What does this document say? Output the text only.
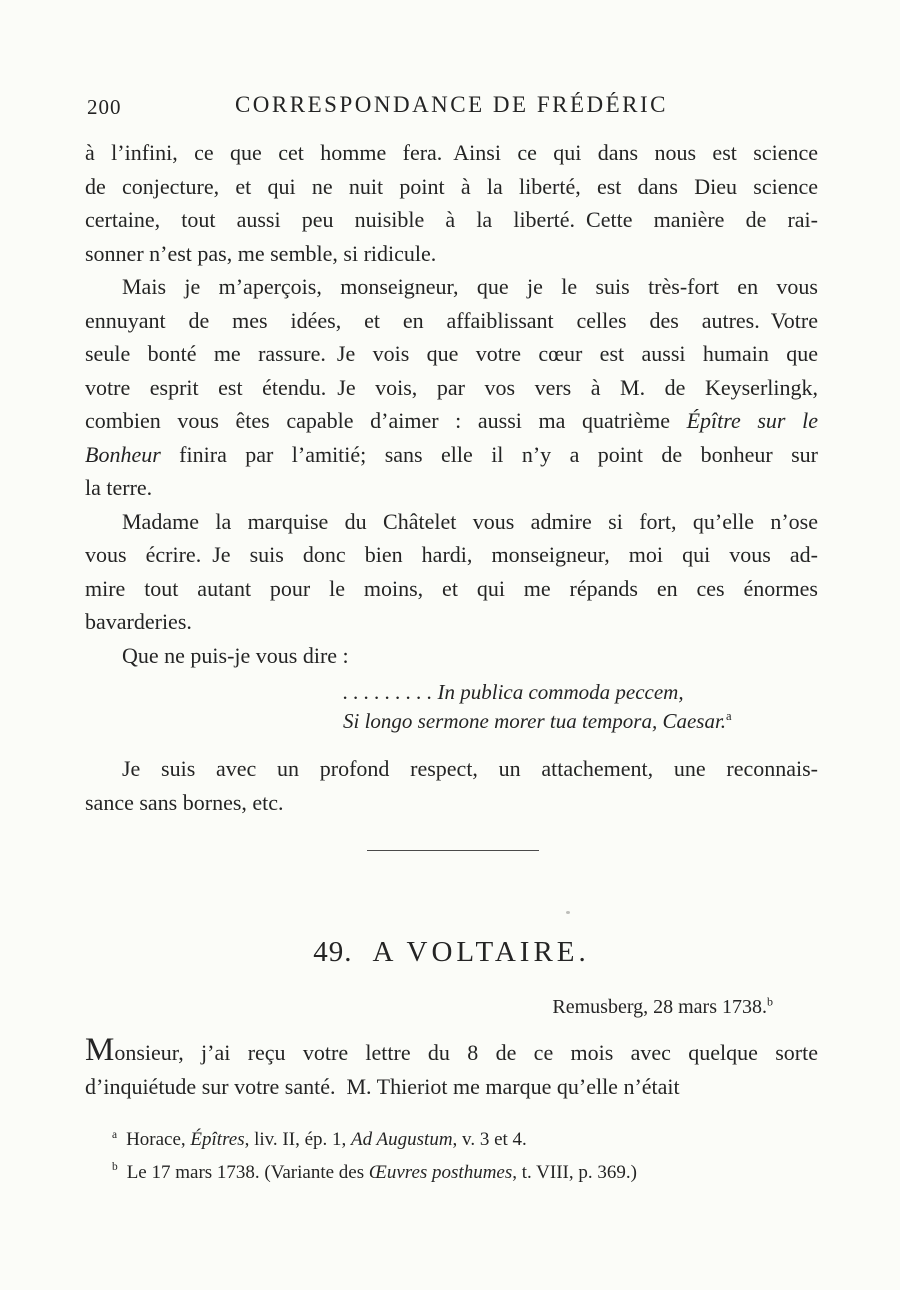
200	CORRESPONDANCE DE FRÉDÉRIC
à l’infini, ce que cet homme fera. Ainsi ce qui dans nous est science
de conjecture, et qui ne nuit point à la liberté, est dans Dieu science
certaine, tout aussi peu nuisible à la liberté. Cette manière de rai-
sonner n’est pas, me semble, si ridicule.
Mais je m’aperçois, monseigneur, que je le suis très-fort en vous
ennuyant de mes idées, et en affaiblissant celles des autres. Votre
seule bonté me rassure. Je vois que votre cœur est aussi humain que
votre esprit est étendu. Je vois, par vos vers à M. de Keyserlingk,
combien vous êtes capable d’aimer : aussi ma quatrième Épître sur le
Bonheur finira par l’amitié; sans elle il n’y a point de bonheur sur
la terre.
Madame la marquise du Châtelet vous admire si fort, qu’elle n’ose
vous écrire. Je suis donc bien hardi, monseigneur, moi qui vous ad-
mire tout autant pour le moins, et qui me répands en ces énormes
bavarderies.
Que ne puis-je vous dire :
. . . . . . . . . In publica commoda peccem,
Si longo sermone morer tua tempora, Caesar.$^a$
Je suis avec un profond respect, un attachement, une reconnais-
sance sans bornes, etc.
49. A VOLTAIRE.
Remusberg, 28 mars 1738.$^b$
Monsieur, j’ai reçu votre lettre du 8 de ce mois avec quelque sorte
d’inquiétude sur votre santé. M. Thieriot me marque qu’elle n’était
$^a$ Horace, Épîtres, liv. II, ép. 1, Ad Augustum, v. 3 et 4.
$^b$ Le 17 mars 1738. (Variante des Œuvres posthumes, t. VIII, p. 369.)
